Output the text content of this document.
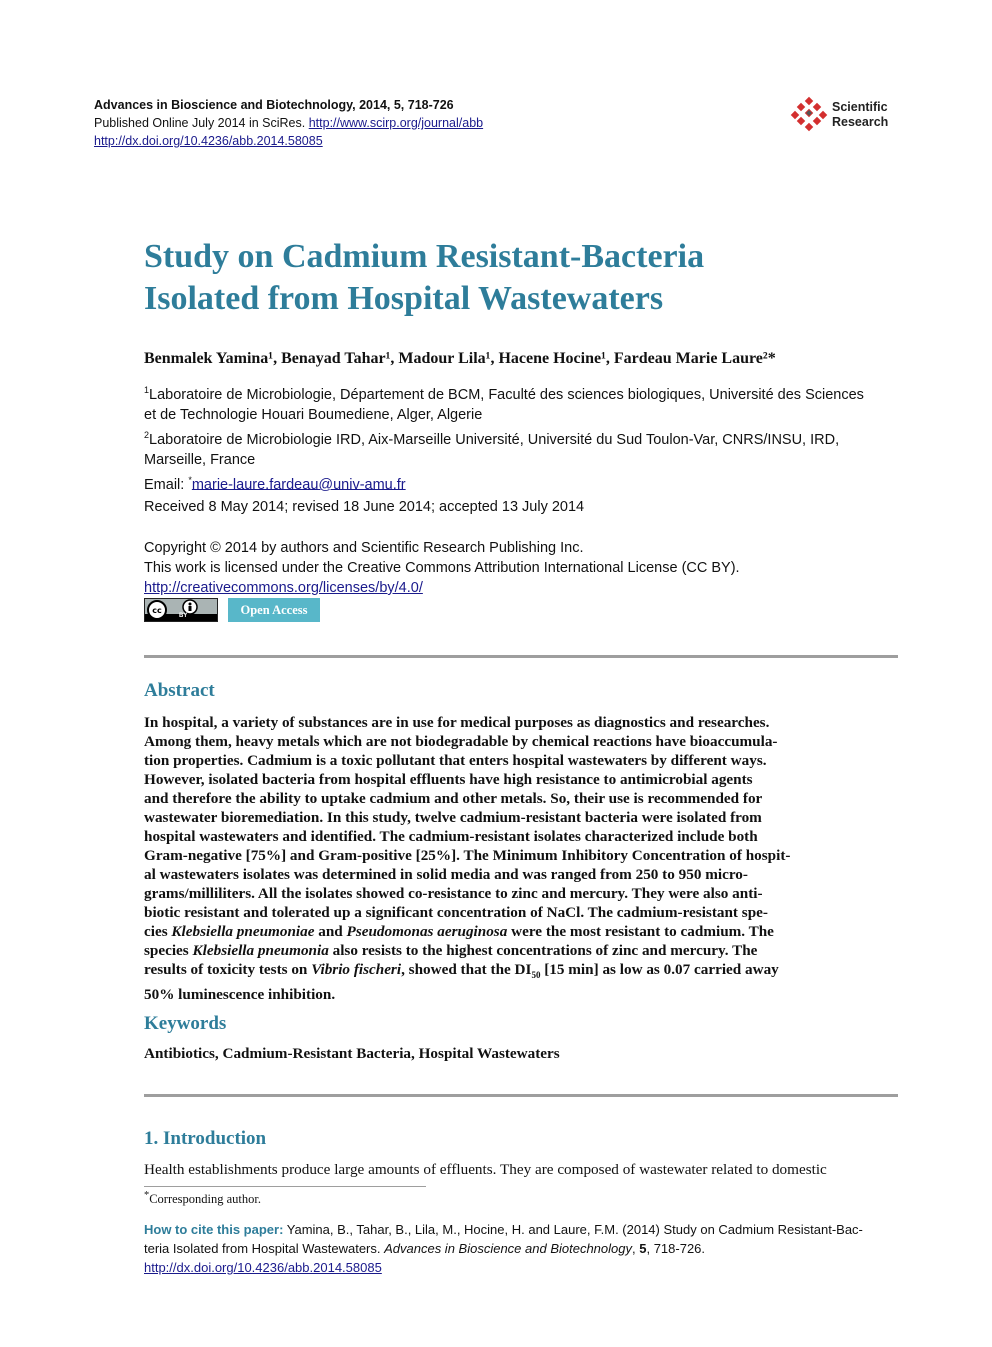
Advances in Bioscience and Biotechnology, 2014, 5, 718-726
Published Online July 2014 in SciRes. http://www.scirp.org/journal/abb
http://dx.doi.org/10.4236/abb.2014.58085
Scientific
Research
Study on Cadmium Resistant-Bacteria
Isolated from Hospital Wastewaters
Benmalek Yamina¹, Benayad Tahar¹, Madour Lila¹, Hacene Hocine¹, Fardeau Marie Laure²*
$^1$Laboratoire de Microbiologie, Département de BCM, Faculté des sciences biologiques, Université des Sciences
et de Technologie Houari Boumediene, Alger, Algerie
$^2$Laboratoire de Microbiologie IRD, Aix-Marseille Université, Université du Sud Toulon-Var, CNRS/INSU, IRD,
Marseille, France
Email: *marie-laure.fardeau@univ-amu.fr
Received 8 May 2014; revised 18 June 2014; accepted 13 July 2014
Copyright © 2014 by authors and Scientific Research Publishing Inc.
This work is licensed under the Creative Commons Attribution International License (CC BY).
http://creativecommons.org/licenses/by/4.0/
cc
BY	Open Access
Abstract
In hospital, a variety of substances are in use for medical purposes as diagnostics and researches.
Among them, heavy metals which are not biodegradable by chemical reactions have bioaccumula-
tion properties. Cadmium is a toxic pollutant that enters hospital wastewaters by different ways.
However, isolated bacteria from hospital effluents have high resistance to antimicrobial agents
and therefore the ability to uptake cadmium and other metals. So, their use is recommended for
wastewater bioremediation. In this study, twelve cadmium-resistant bacteria were isolated from
hospital wastewaters and identified. The cadmium-resistant isolates characterized include both
Gram-negative [75%] and Gram-positive [25%]. The Minimum Inhibitory Concentration of hospit-
al wastewaters isolates was determined in solid media and was ranged from 250 to 950 micro-
grams/milliliters. All the isolates showed co-resistance to zinc and mercury. They were also anti-
biotic resistant and tolerated up a significant concentration of NaCl. The cadmium-resistant spe-
cies Klebsiella pneumoniae and Pseudomonas aeruginosa were the most resistant to cadmium. The
species Klebsiella pneumonia also resists to the highest concentrations of zinc and mercury. The
results of toxicity tests on Vibrio fischeri, showed that the $DI_{50}$ [15 min] as low as 0.07 carried away
50% luminescence inhibition.
Keywords
Antibiotics, Cadmium-Resistant Bacteria, Hospital Wastewaters
1. Introduction
Health establishments produce large amounts of effluents. They are composed of wastewater related to domestic
*Corresponding author.
How to cite this paper: Yamina, B., Tahar, B., Lila, M., Hocine, H. and Laure, F.M. (2014) Study on Cadmium Resistant-Bac-
teria Isolated from Hospital Wastewaters. Advances in Bioscience and Biotechnology, 5, 718-726.
http://dx.doi.org/10.4236/abb.2014.58085
